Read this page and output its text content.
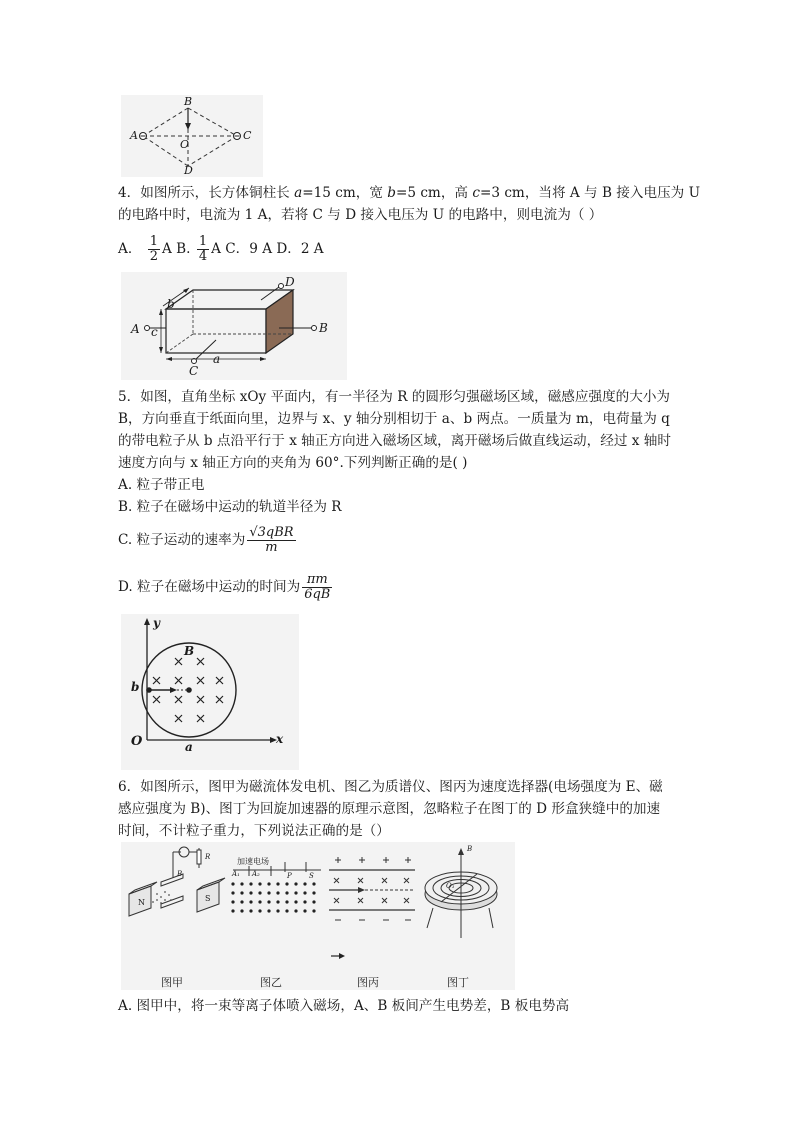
B
A
O
C
D
4．如图所示，长方体铜柱长 a=15 cm，宽 b=5 cm，高 c=3 cm，当将 A 与 B 接入电压为 U
的电路中时，电流为 1 A，若将 C 与 D 接入电压为 U 的电路中，则电流为（ ）
A． $\frac{1}{2}$ A B. $\frac{1}{4}$ A C．9 A D．2 A
A	B
D
C
a
b
c
5．如图，直角坐标 xOy 平面内，有一半径为 R 的圆形匀强磁场区域，磁感应强度的大小为
B，方向垂直于纸面向里，边界与 x、y 轴分别相切于 a、b 两点。一质量为 m，电荷量为 q
的带电粒子从 b 点沿平行于 x 轴正方向进入磁场区域，离开磁场后做直线运动，经过 x 轴时
速度方向与 x 轴正方向的夹角为 60°.下列判断正确的是( )
A. 粒子带正电
B. 粒子在磁场中运动的轨道半径为 R
C. 粒子运动的速率为 $\frac{\text{√3qBR}}{m}$
D. 粒子在磁场中运动的时间为 $\frac{\pi m}{6qB}$
y
x
O	a
b
B
6．如图所示，图甲为磁流体发电机、图乙为质谱仪、图丙为速度选择器(电场强度为 E、磁
感应强度为 B)、图丁为回旋加速器的原理示意图，忽略粒子在图丁的 D 形盒狭缝中的加速
时间，不计粒子重力，下列说法正确的是（）
加速电场
A₁ A₂	P S
N	S
R
B
O₁
B
图甲	图乙	图丙	图丁
A. 图甲中，将一束等离子体喷入磁场，A、B 板间产生电势差，B 板电势高
